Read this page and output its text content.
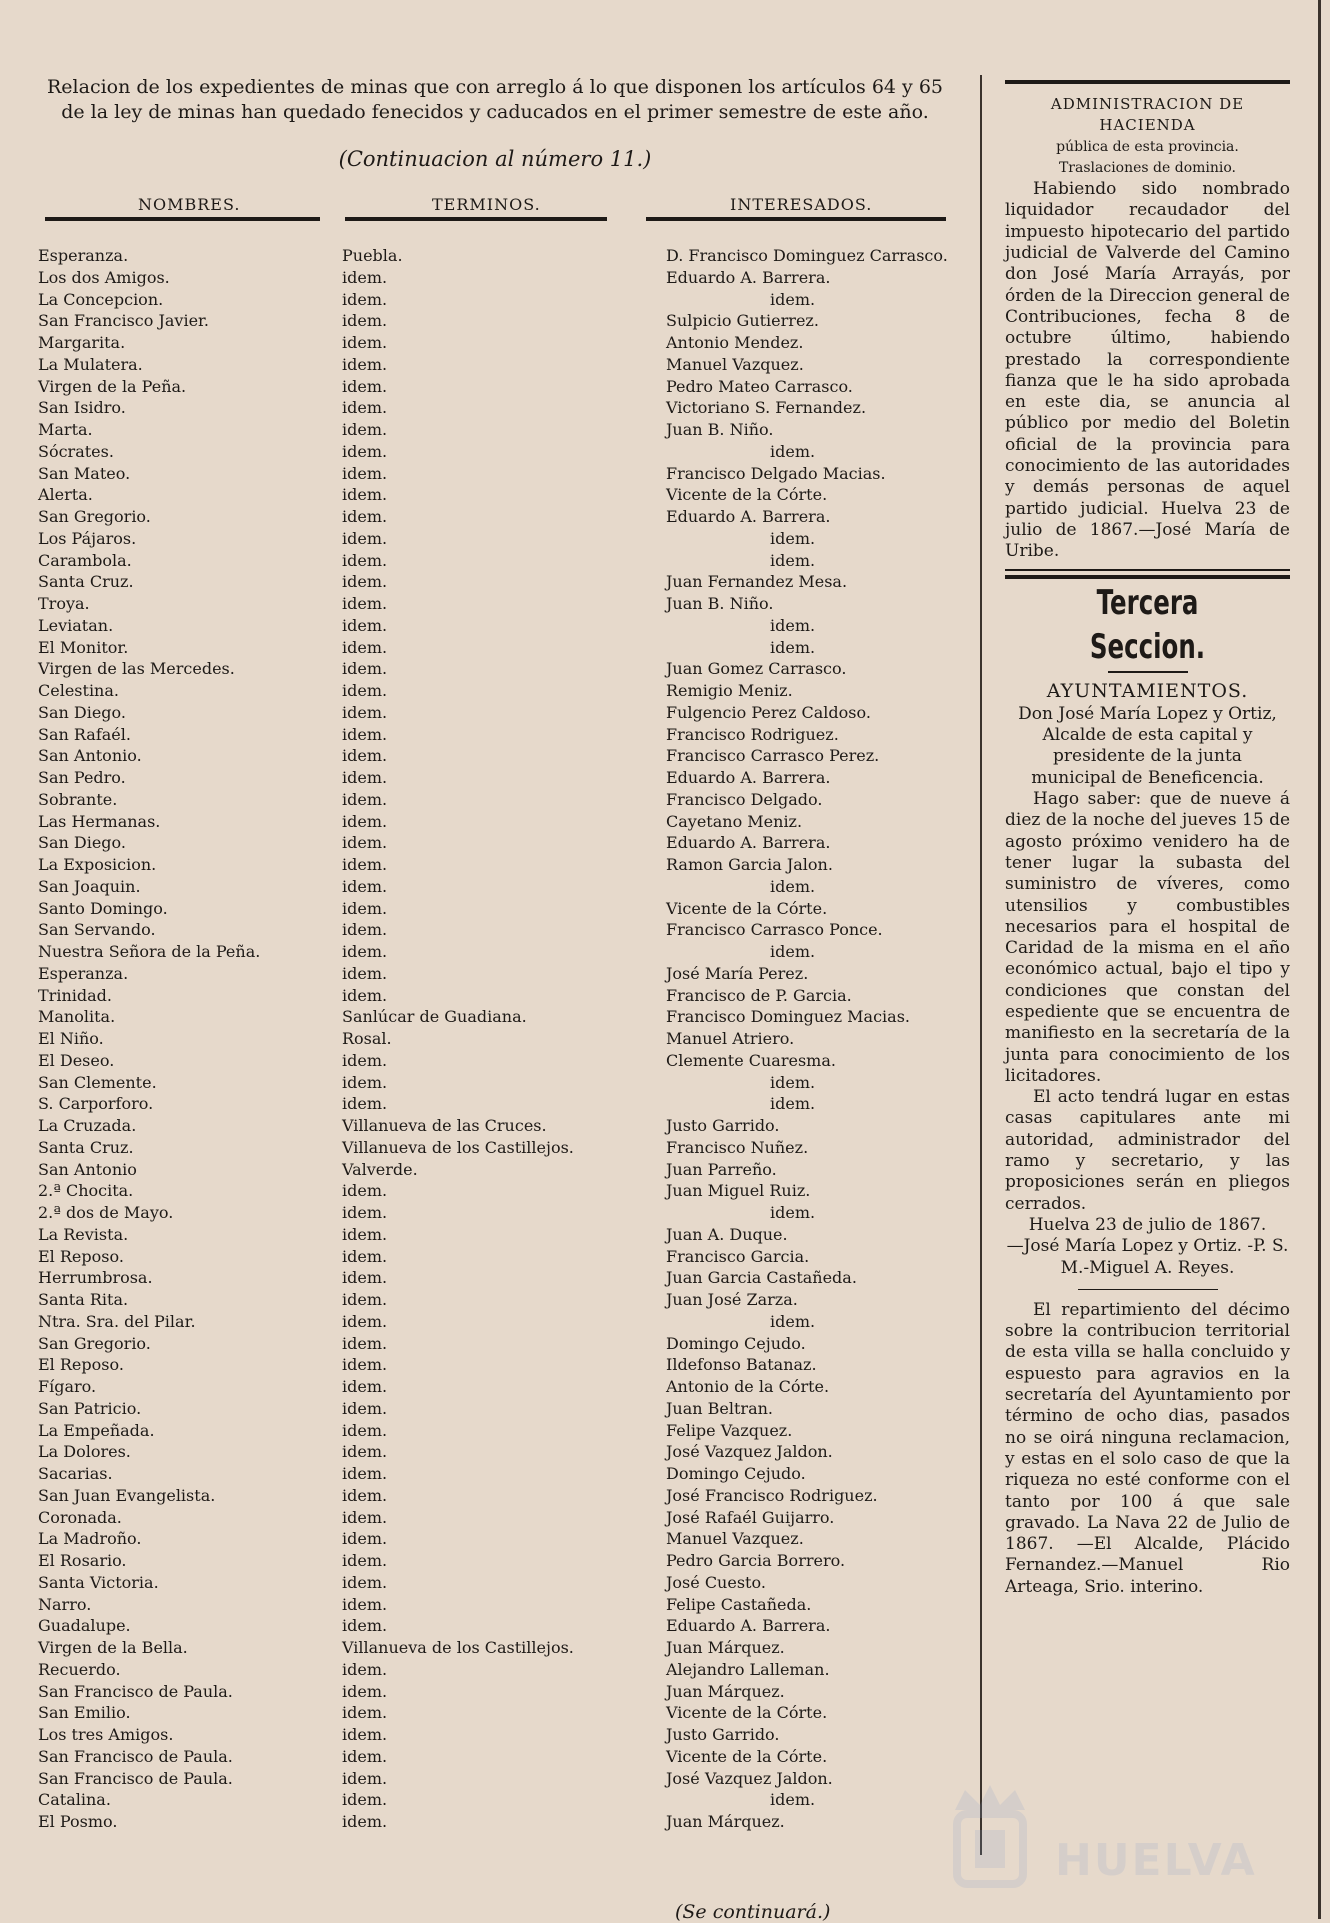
Relacion de los expedientes de minas que con arreglo á lo que disponen los artículos 64 y 65
de la ley de minas han quedado fenecidos y caducados en el primer semestre de este año.
(Continuacion al número 11.)
NOMBRES.	TERMINOS.	INTERESADOS.
Esperanza.	Puebla.	D. Francisco Dominguez Carrasco.
Los dos Amigos.	idem.	Eduardo A. Barrera.
La Concepcion.	idem.	idem.
San Francisco Javier.	idem.	Sulpicio Gutierrez.
Margarita.	idem.	Antonio Mendez.
La Mulatera.	idem.	Manuel Vazquez.
Virgen de la Peña.	idem.	Pedro Mateo Carrasco.
San Isidro.	idem.	Victoriano S. Fernandez.
Marta.	idem.	Juan B. Niño.
Sócrates.	idem.	idem.
San Mateo.	idem.	Francisco Delgado Macias.
Alerta.	idem.	Vicente de la Córte.
San Gregorio.	idem.	Eduardo A. Barrera.
Los Pájaros.	idem.	idem.
Carambola.	idem.	idem.
Santa Cruz.	idem.	Juan Fernandez Mesa.
Troya.	idem.	Juan B. Niño.
Leviatan.	idem.	idem.
El Monitor.	idem.	idem.
Virgen de las Mercedes.	idem.	Juan Gomez Carrasco.
Celestina.	idem.	Remigio Meniz.
San Diego.	idem.	Fulgencio Perez Caldoso.
San Rafaél.	idem.	Francisco Rodriguez.
San Antonio.	idem.	Francisco Carrasco Perez.
San Pedro.	idem.	Eduardo A. Barrera.
Sobrante.	idem.	Francisco Delgado.
Las Hermanas.	idem.	Cayetano Meniz.
San Diego.	idem.	Eduardo A. Barrera.
La Exposicion.	idem.	Ramon Garcia Jalon.
San Joaquin.	idem.	idem.
Santo Domingo.	idem.	Vicente de la Córte.
San Servando.	idem.	Francisco Carrasco Ponce.
Nuestra Señora de la Peña.	idem.	idem.
Esperanza.	idem.	José María Perez.
Trinidad.	idem.	Francisco de P. Garcia.
Manolita.	Sanlúcar de Guadiana.	Francisco Dominguez Macias.
El Niño.	Rosal.	Manuel Atriero.
El Deseo.	idem.	Clemente Cuaresma.
San Clemente.	idem.	idem.
S. Carporforo.	idem.	idem.
La Cruzada.	Villanueva de las Cruces.	Justo Garrido.
Santa Cruz.	Villanueva de los Castillejos.	Francisco Nuñez.
San Antonio	Valverde.	Juan Parreño.
2.ª Chocita.	idem.	Juan Miguel Ruiz.
2.ª dos de Mayo.	idem.	idem.
La Revista.	idem.	Juan A. Duque.
El Reposo.	idem.	Francisco Garcia.
Herrumbrosa.	idem.	Juan Garcia Castañeda.
Santa Rita.	idem.	Juan José Zarza.
Ntra. Sra. del Pilar.	idem.	idem.
San Gregorio.	idem.	Domingo Cejudo.
El Reposo.	idem.	Ildefonso Batanaz.
Fígaro.	idem.	Antonio de la Córte.
San Patricio.	idem.	Juan Beltran.
La Empeñada.	idem.	Felipe Vazquez.
La Dolores.	idem.	José Vazquez Jaldon.
Sacarias.	idem.	Domingo Cejudo.
San Juan Evangelista.	idem.	José Francisco Rodriguez.
Coronada.	idem.	José Rafaél Guijarro.
La Madroño.	idem.	Manuel Vazquez.
El Rosario.	idem.	Pedro Garcia Borrero.
Santa Victoria.	idem.	José Cuesto.
Narro.	idem.	Felipe Castañeda.
Guadalupe.	idem.	Eduardo A. Barrera.
Virgen de la Bella.	Villanueva de los Castillejos.	Juan Márquez.
Recuerdo.	idem.	Alejandro Lalleman.
San Francisco de Paula.	idem.	Juan Márquez.
San Emilio.	idem.	Vicente de la Córte.
Los tres Amigos.	idem.	Justo Garrido.
San Francisco de Paula.	idem.	Vicente de la Córte.
San Francisco de Paula.	idem.	José Vazquez Jaldon.
Catalina.	idem.	idem.
El Posmo.	idem.	Juan Márquez.
(Se continuará.)
ADMINISTRACION DE HACIENDA
pública de esta provincia.
Traslaciones de dominio.

Habiendo sido nombrado liquidador recaudador del impuesto hipotecario del partido judicial de Valverde del Camino don José María Arrayás, por órden de la Direccion general de Contribuciones, fecha 8 de octubre último, habiendo prestado la correspondiente fianza que le ha sido aprobada en este dia, se anuncia al público por medio del Boletin oficial de la provincia para conocimiento de las autoridades y demás personas de aquel partido judicial. Huelva 23 de julio de 1867.—José María de Uribe.

Tercera Seccion.
AYUNTAMIENTOS.
Don José María Lopez y Ortiz, Alcalde de esta capital y presidente de la junta municipal de Beneficencia.

Hago saber: que de nueve á diez de la noche del jueves 15 de agosto próximo venidero ha de tener lugar la subasta del suministro de víveres, como utensilios y combustibles necesarios para el hospital de Caridad de la misma en el año económico actual, bajo el tipo y condiciones que constan del espediente que se encuentra de manifiesto en la secretaría de la junta para conocimiento de los licitadores.

El acto tendrá lugar en estas casas capitulares ante mi autoridad, administrador del ramo y secretario, y las proposiciones serán en pliegos cerrados.

Huelva 23 de julio de 1867.
—José María Lopez y Ortiz. -P. S. M.-Miguel A. Reyes.

El repartimiento del décimo sobre la contribucion territorial de esta villa se halla concluido y espuesto para agravios en la secretaría del Ayuntamiento por término de ocho dias, pasados no se oirá ninguna reclamacion, y estas en el solo caso de que la riqueza no esté conforme con el tanto por 100 á que sale gravado. La Nava 22 de Julio de 1867. —El Alcalde, Plácido Fernandez.—Manuel Rio Arteaga, Srio. interino.

HUELVA
